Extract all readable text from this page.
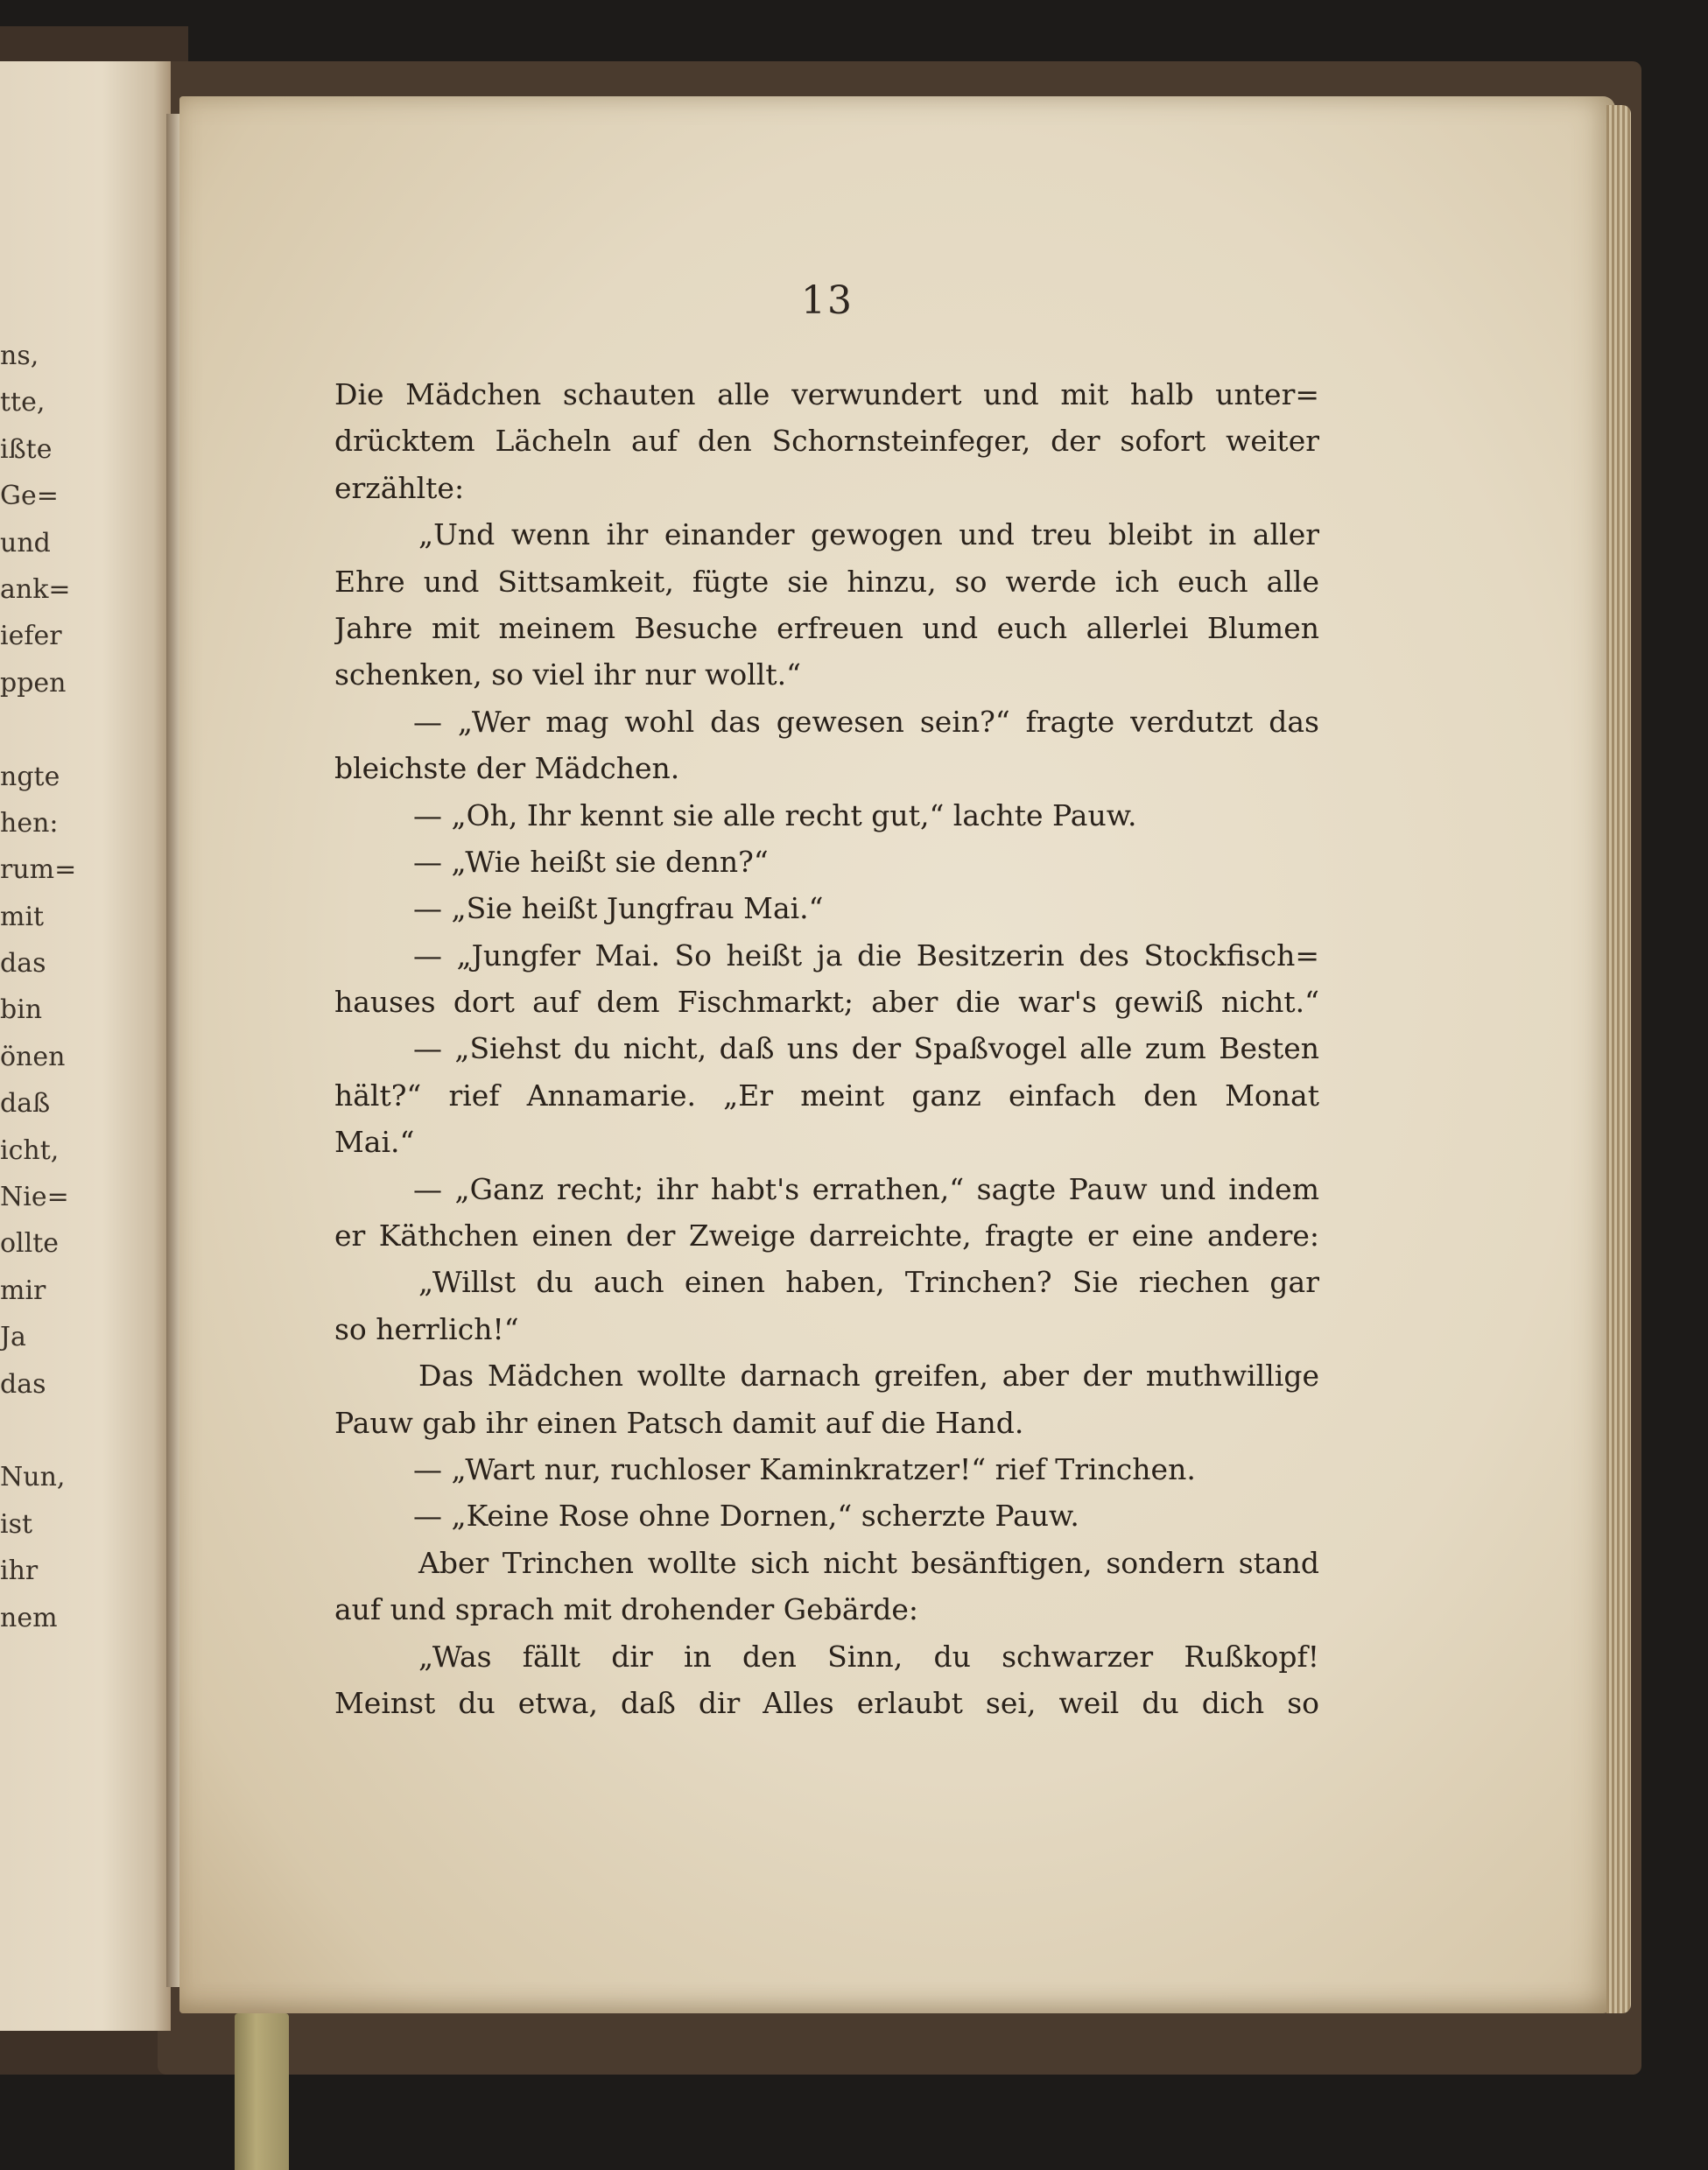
ns,
tte,
ißte
Ge=
und
ank=
iefer
ppen
ngte
hen:
rum=
mit
das
bin
önen
daß
icht,
Nie=
ollte
mir
Ja
das
Nun,
ist
ihr
nem
13
Die Mädchen schauten alle verwundert und mit halb unter=
drücktem Lächeln auf den Schornsteinfeger, der sofort weiter
erzählte:
„Und wenn ihr einander gewogen und treu bleibt in aller
Ehre und Sittsamkeit, fügte sie hinzu, so werde ich euch alle
Jahre mit meinem Besuche erfreuen und euch allerlei Blumen
schenken, so viel ihr nur wollt.“
— „Wer mag wohl das gewesen sein?“ fragte verdutzt das
bleichste der Mädchen.
— „Oh, Ihr kennt sie alle recht gut,“ lachte Pauw.
— „Wie heißt sie denn?“
— „Sie heißt Jungfrau Mai.“
— „Jungfer Mai. So heißt ja die Besitzerin des Stockfisch=
hauses dort auf dem Fischmarkt; aber die war's gewiß nicht.“
— „Siehst du nicht, daß uns der Spaßvogel alle zum Besten
hält?“ rief Annamarie. „Er meint ganz einfach den Monat
Mai.“
— „Ganz recht; ihr habt's errathen,“ sagte Pauw und indem
er Käthchen einen der Zweige darreichte, fragte er eine andere:
„Willst du auch einen haben, Trinchen? Sie riechen gar
so herrlich!“
Das Mädchen wollte darnach greifen, aber der muthwillige
Pauw gab ihr einen Patsch damit auf die Hand.
— „Wart nur, ruchloser Kaminkratzer!“ rief Trinchen.
— „Keine Rose ohne Dornen,“ scherzte Pauw.
Aber Trinchen wollte sich nicht besänftigen, sondern stand
auf und sprach mit drohender Gebärde:
„Was fällt dir in den Sinn, du schwarzer Rußkopf!
Meinst du etwa, daß dir Alles erlaubt sei, weil du dich so
